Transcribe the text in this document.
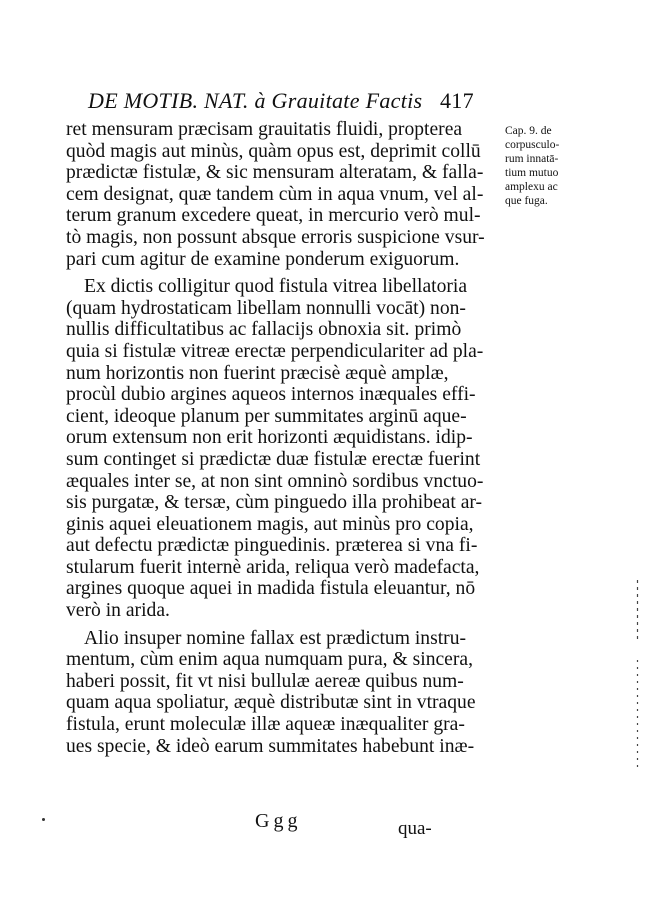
DE MOTIB. NAT. à Grauitate Factis 417
Cap. 9. de
corpusculo-
rum innatā-
tium mutuo
amplexu ac
que fuga.
ret mensuram præcisam grauitatis fluidi, propterea
quòd magis aut minùs, quàm opus est, deprimit collū
prædictæ fistulæ, & sic mensuram alteratam, & falla-
cem designat, quæ tandem cùm in aqua vnum, vel al-
terum granum excedere queat, in mercurio verò mul-
tò magis, non possunt absque erroris suspicione vsur-
pari cum agitur de examine ponderum exiguorum.
Ex dictis colligitur quod fistula vitrea libellatoria
(quam hydrostaticam libellam nonnulli vocāt) non-
nullis difficultatibus ac fallacijs obnoxia sit. primò
quia si fistulæ vitreæ erectæ perpendiculariter ad pla-
num horizontis non fuerint præcisè æquè amplæ,
procùl dubio argines aqueos internos inæquales effi-
cient, ideoque planum per summitates arginū aque-
orum extensum non erit horizonti æquidistans. idip-
sum continget si prædictæ duæ fistulæ erectæ fuerint
æquales inter se, at non sint omninò sordibus vnctuo-
sis purgatæ, & tersæ, cùm pinguedo illa prohibeat ar-
ginis aquei eleuationem magis, aut minùs pro copia,
aut defectu prædictæ pinguedinis. præterea si vna fi-
stularum fuerit internè arida, reliqua verò madefacta,
argines quoque aquei in madida fistula eleuantur, nō
verò in arida.
Alio insuper nomine fallax est prædictum instru-
mentum, cùm enim aqua numquam pura, & sincera,
haberi possit, fit vt nisi bullulæ aereæ quibus num-
quam aqua spoliatur, æquè distributæ sint in vtraque
fistula, erunt moleculæ illæ aqueæ inæqualiter gra-
ues specie, & ideò earum summitates habebunt inæ-
Ggg	qua-
